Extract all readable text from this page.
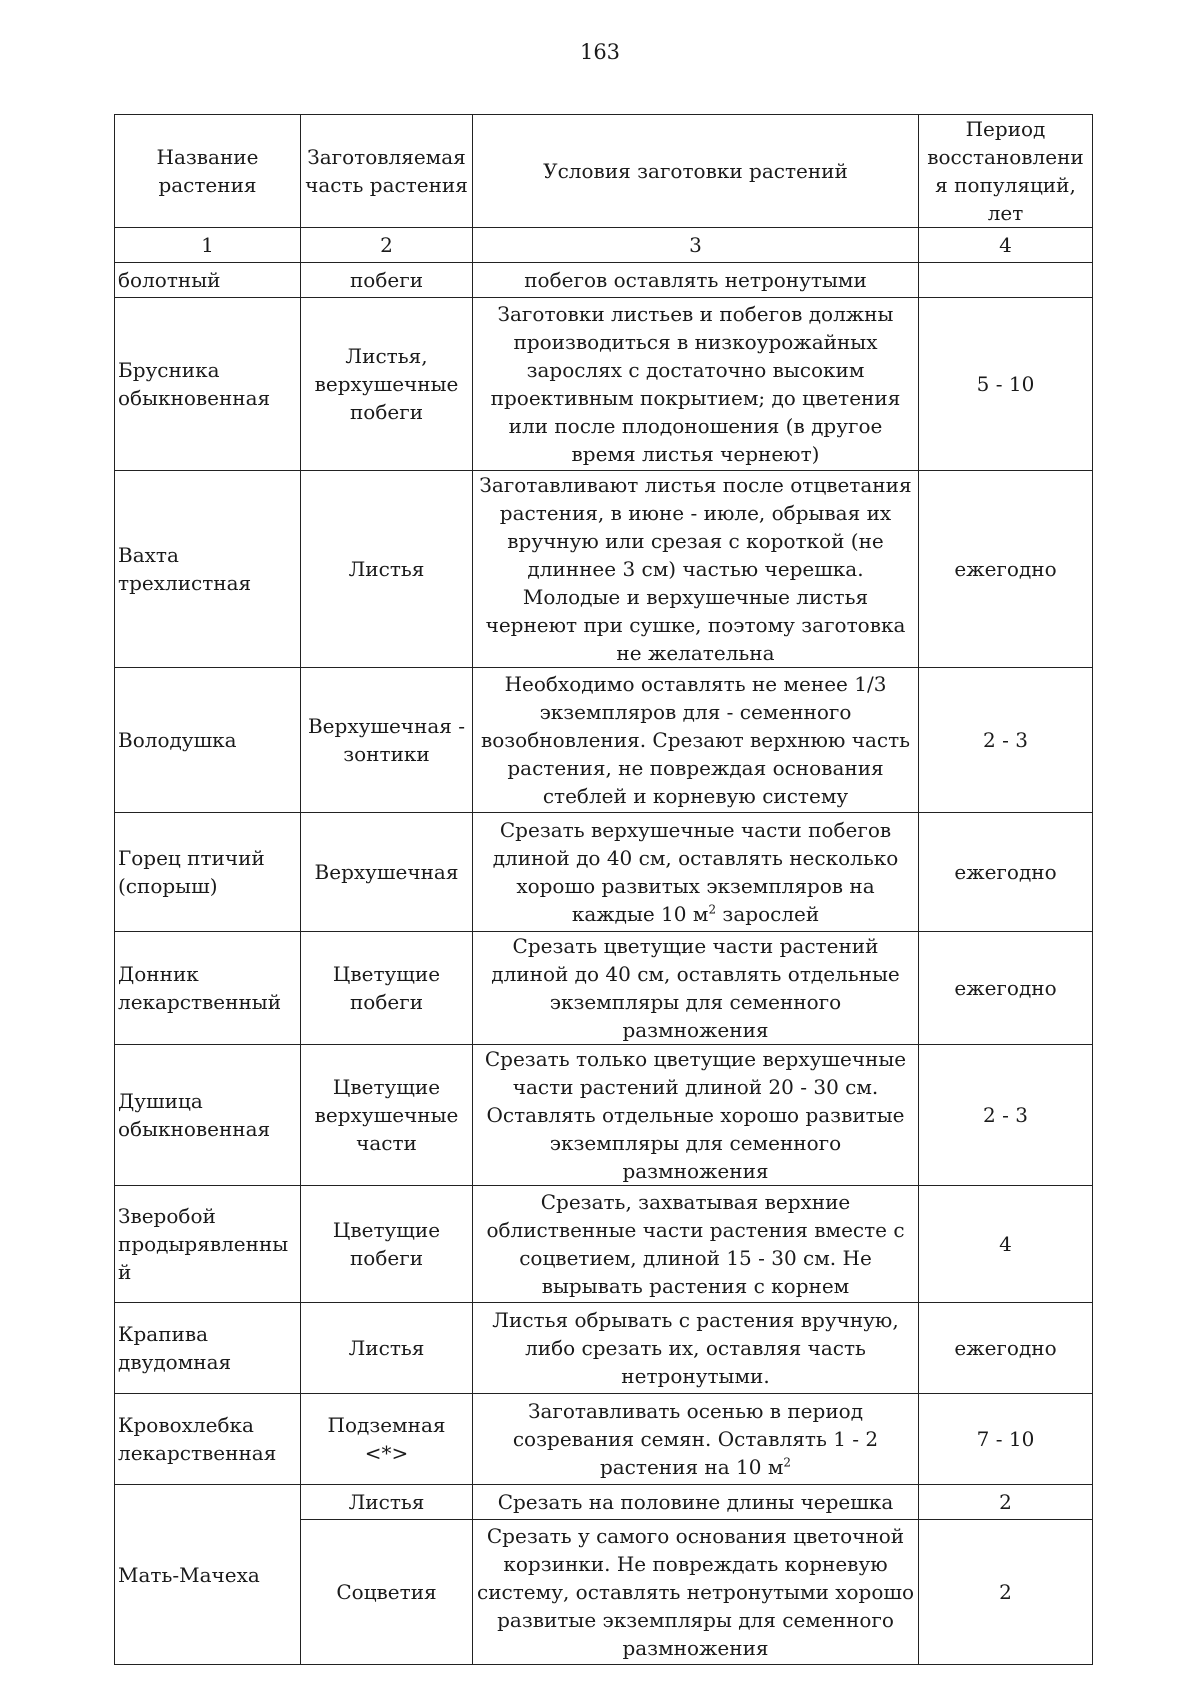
163
Название растения	Заготовляемая часть растения	Условия заготовки растений	Период восстановления популяций, лет
1	2	3	4
болотный	побеги	побегов оставлять нетронутыми	
Брусника обыкновенная	Листья, верхушечные побеги	Заготовки листьев и побегов должны производиться в низкоурожайных зарослях с достаточно высоким проективным покрытием; до цветения или после плодоношения (в другое время листья чернеют)	5 - 10
Вахта трехлистная	Листья	Заготавливают листья после отцветания растения, в июне - июле, обрывая их вручную или срезая с короткой (не длиннее 3 см) частью черешка. Молодые и верхушечные листья чернеют при сушке, поэтому заготовка не желательна	ежегодно
Володушка	Верхушечная - зонтики	Необходимо оставлять не менее 1/3 экземпляров для - семенного возобновления. Срезают верхнюю часть растения, не повреждая основания стеблей и корневую систему	2 - 3
Горец птичий (спорыш)	Верхушечная	Срезать верхушечные части побегов длиной до 40 см, оставлять несколько хорошо развитых экземпляров на каждые 10 $м^2$ зарослей	ежегодно
Донник лекарственный	Цветущие побеги	Срезать цветущие части растений длиной до 40 см, оставлять отдельные экземпляры для семенного размножения	ежегодно
Душица обыкновенная	Цветущие верхушечные части	Срезать только цветущие верхушечные части растений длиной 20 - 30 см. Оставлять отдельные хорошо развитые экземпляры для семенного размножения	2 - 3
Зверобой продырявленный	Цветущие побеги	Срезать, захватывая верхние облиственные части растения вместе с соцветием, длиной 15 - 30 см. Не вырывать растения с корнем	4
Крапива двудомная	Листья	Листья обрывать с растения вручную, либо срезать их, оставляя часть нетронутыми.	ежегодно
Кровохлебка лекарственная	Подземная <*>	Заготавливать осенью в период созревания семян. Оставлять 1 - 2 растения на 10 $м^2$	7 - 10
Мать-Мачеха	Листья	Срезать на половине длины черешка	2
	Соцветия	Срезать у самого основания цветочной корзинки. Не повреждать корневую систему, оставлять нетронутыми хорошо развитые экземпляры для семенного размножения	2
